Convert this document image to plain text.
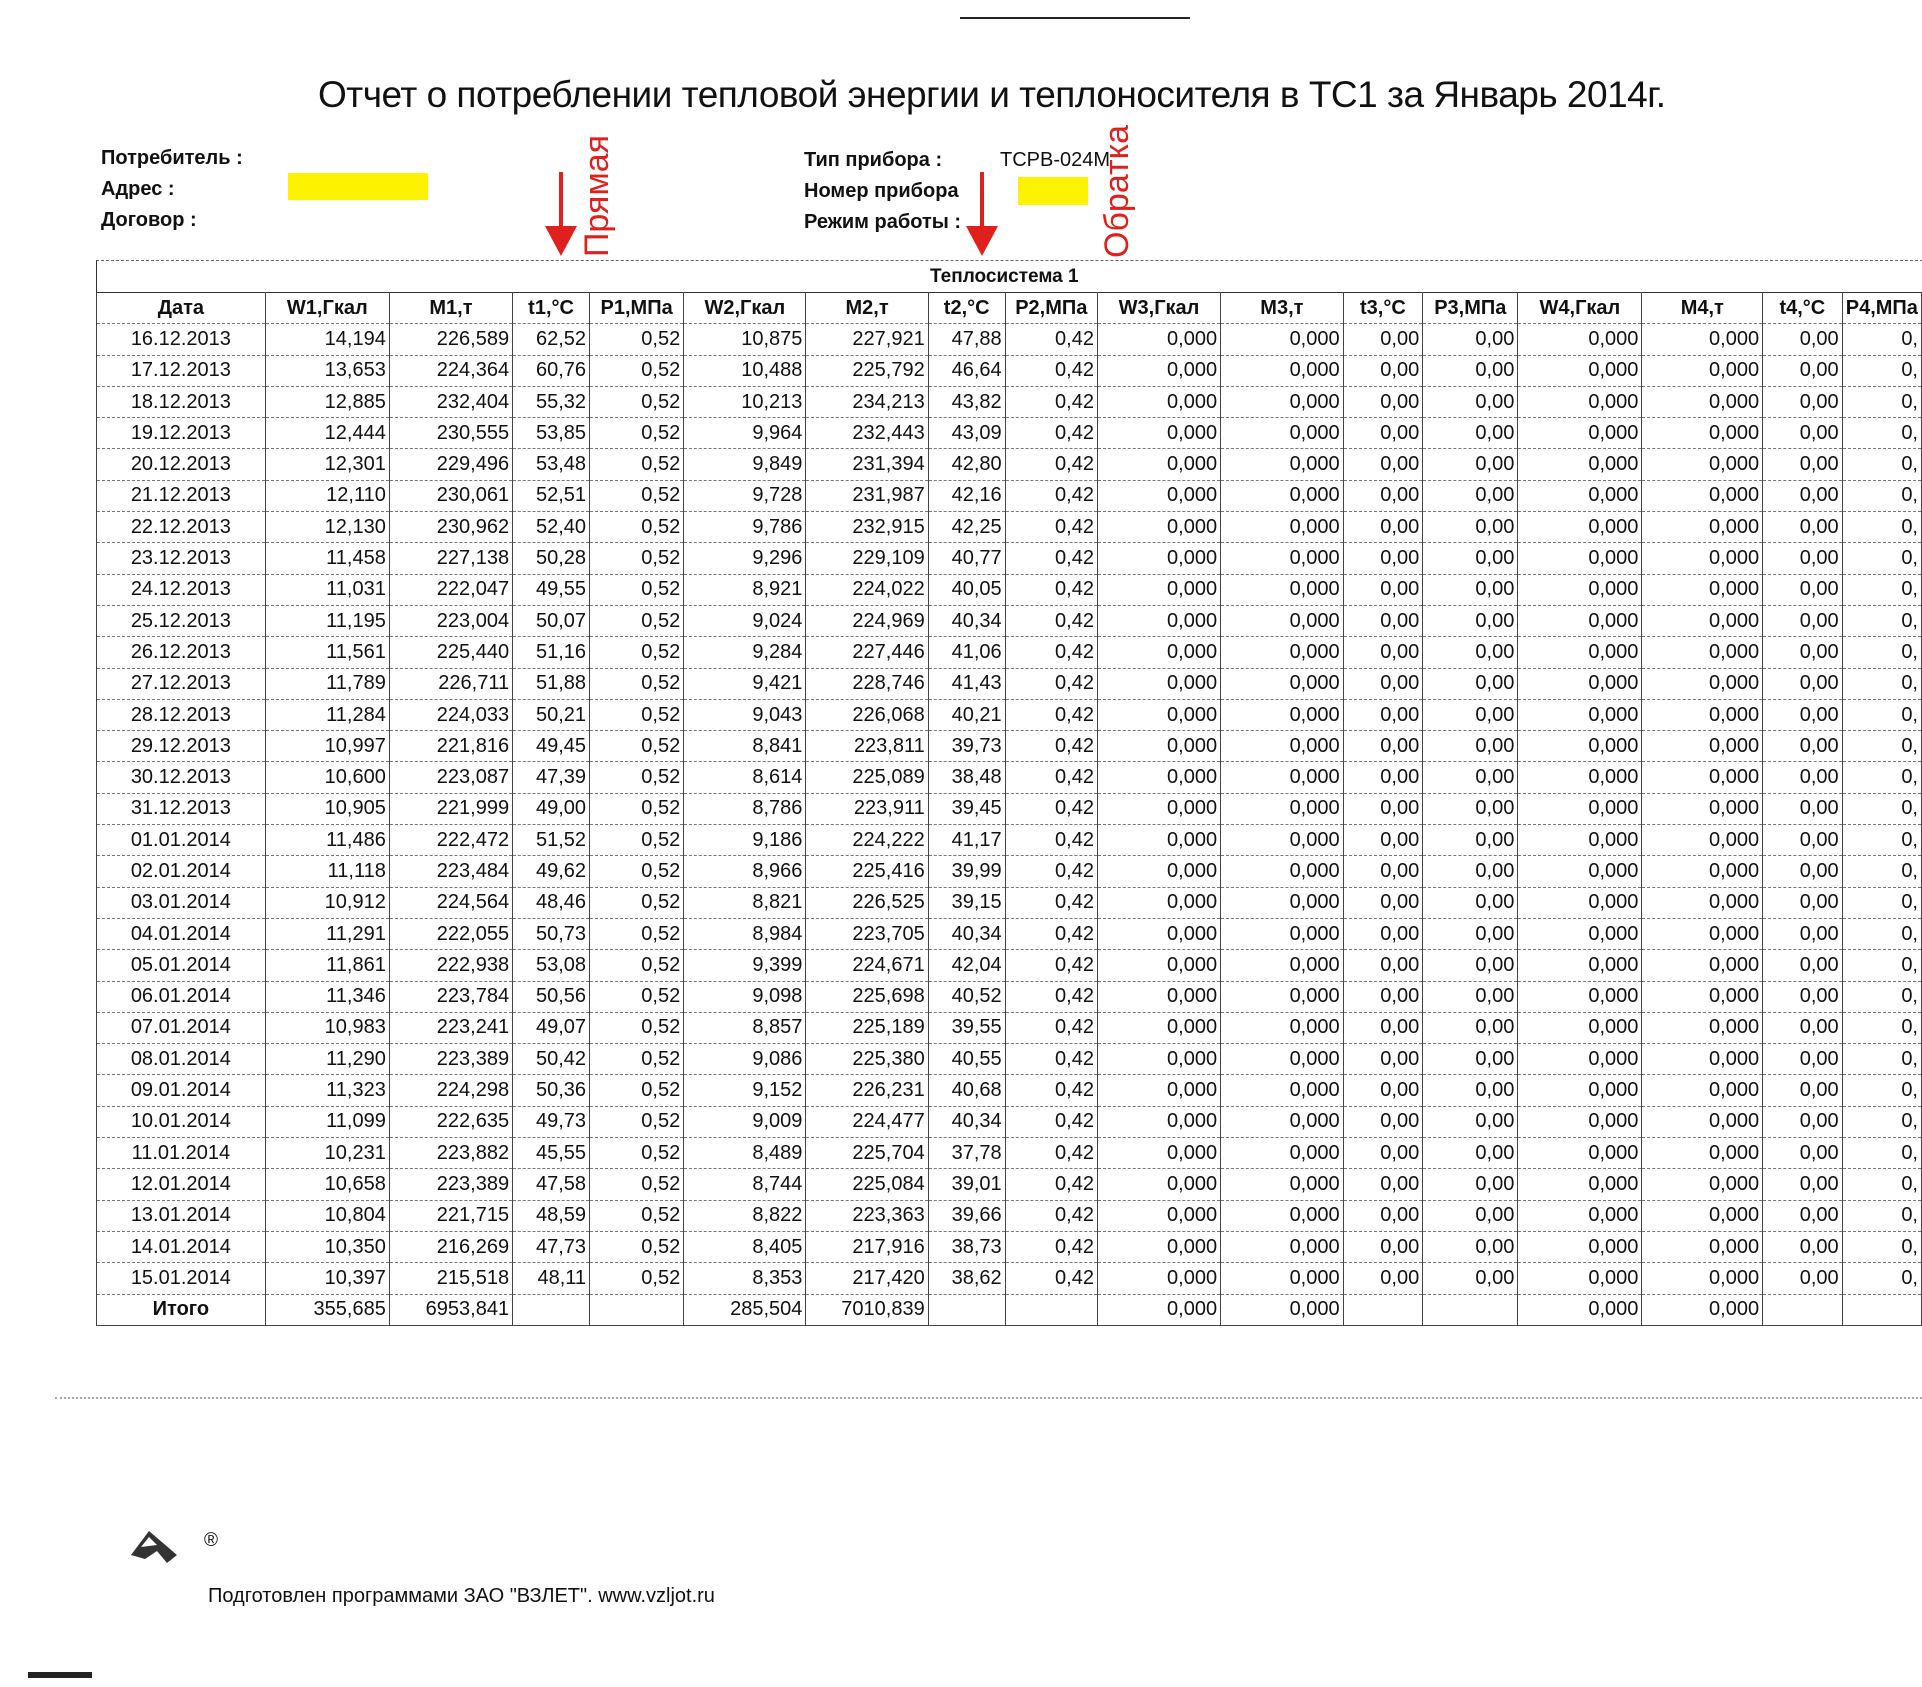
Отчет о потреблении тепловой энергии и теплоносителя в ТС1 за Январь 2014г.
Потребитель :
Адрес :
Договор :
Тип прибора :
Номер прибора
Режим работы :
TCPB-024M
Прямая	Обратка
Теплосистема 1
Дата	W1,Гкал	M1,т	t1,°C	P1,МПа	W2,Гкал	M2,т	t2,°C	P2,МПа	W3,Гкал	M3,т	t3,°C	P3,МПа	W4,Гкал	M4,т	t4,°C	P4,МПа
16.12.2013	14,194	226,589	62,52	0,52	10,875	227,921	47,88	0,42	0,000	0,000	0,00	0,00	0,000	0,000	0,00	0,
17.12.2013	13,653	224,364	60,76	0,52	10,488	225,792	46,64	0,42	0,000	0,000	0,00	0,00	0,000	0,000	0,00	0,
18.12.2013	12,885	232,404	55,32	0,52	10,213	234,213	43,82	0,42	0,000	0,000	0,00	0,00	0,000	0,000	0,00	0,
19.12.2013	12,444	230,555	53,85	0,52	9,964	232,443	43,09	0,42	0,000	0,000	0,00	0,00	0,000	0,000	0,00	0,
20.12.2013	12,301	229,496	53,48	0,52	9,849	231,394	42,80	0,42	0,000	0,000	0,00	0,00	0,000	0,000	0,00	0,
21.12.2013	12,110	230,061	52,51	0,52	9,728	231,987	42,16	0,42	0,000	0,000	0,00	0,00	0,000	0,000	0,00	0,
22.12.2013	12,130	230,962	52,40	0,52	9,786	232,915	42,25	0,42	0,000	0,000	0,00	0,00	0,000	0,000	0,00	0,
23.12.2013	11,458	227,138	50,28	0,52	9,296	229,109	40,77	0,42	0,000	0,000	0,00	0,00	0,000	0,000	0,00	0,
24.12.2013	11,031	222,047	49,55	0,52	8,921	224,022	40,05	0,42	0,000	0,000	0,00	0,00	0,000	0,000	0,00	0,
25.12.2013	11,195	223,004	50,07	0,52	9,024	224,969	40,34	0,42	0,000	0,000	0,00	0,00	0,000	0,000	0,00	0,
26.12.2013	11,561	225,440	51,16	0,52	9,284	227,446	41,06	0,42	0,000	0,000	0,00	0,00	0,000	0,000	0,00	0,
27.12.2013	11,789	226,711	51,88	0,52	9,421	228,746	41,43	0,42	0,000	0,000	0,00	0,00	0,000	0,000	0,00	0,
28.12.2013	11,284	224,033	50,21	0,52	9,043	226,068	40,21	0,42	0,000	0,000	0,00	0,00	0,000	0,000	0,00	0,
29.12.2013	10,997	221,816	49,45	0,52	8,841	223,811	39,73	0,42	0,000	0,000	0,00	0,00	0,000	0,000	0,00	0,
30.12.2013	10,600	223,087	47,39	0,52	8,614	225,089	38,48	0,42	0,000	0,000	0,00	0,00	0,000	0,000	0,00	0,
31.12.2013	10,905	221,999	49,00	0,52	8,786	223,911	39,45	0,42	0,000	0,000	0,00	0,00	0,000	0,000	0,00	0,
01.01.2014	11,486	222,472	51,52	0,52	9,186	224,222	41,17	0,42	0,000	0,000	0,00	0,00	0,000	0,000	0,00	0,
02.01.2014	11,118	223,484	49,62	0,52	8,966	225,416	39,99	0,42	0,000	0,000	0,00	0,00	0,000	0,000	0,00	0,
03.01.2014	10,912	224,564	48,46	0,52	8,821	226,525	39,15	0,42	0,000	0,000	0,00	0,00	0,000	0,000	0,00	0,
04.01.2014	11,291	222,055	50,73	0,52	8,984	223,705	40,34	0,42	0,000	0,000	0,00	0,00	0,000	0,000	0,00	0,
05.01.2014	11,861	222,938	53,08	0,52	9,399	224,671	42,04	0,42	0,000	0,000	0,00	0,00	0,000	0,000	0,00	0,
06.01.2014	11,346	223,784	50,56	0,52	9,098	225,698	40,52	0,42	0,000	0,000	0,00	0,00	0,000	0,000	0,00	0,
07.01.2014	10,983	223,241	49,07	0,52	8,857	225,189	39,55	0,42	0,000	0,000	0,00	0,00	0,000	0,000	0,00	0,
08.01.2014	11,290	223,389	50,42	0,52	9,086	225,380	40,55	0,42	0,000	0,000	0,00	0,00	0,000	0,000	0,00	0,
09.01.2014	11,323	224,298	50,36	0,52	9,152	226,231	40,68	0,42	0,000	0,000	0,00	0,00	0,000	0,000	0,00	0,
10.01.2014	11,099	222,635	49,73	0,52	9,009	224,477	40,34	0,42	0,000	0,000	0,00	0,00	0,000	0,000	0,00	0,
11.01.2014	10,231	223,882	45,55	0,52	8,489	225,704	37,78	0,42	0,000	0,000	0,00	0,00	0,000	0,000	0,00	0,
12.01.2014	10,658	223,389	47,58	0,52	8,744	225,084	39,01	0,42	0,000	0,000	0,00	0,00	0,000	0,000	0,00	0,
13.01.2014	10,804	221,715	48,59	0,52	8,822	223,363	39,66	0,42	0,000	0,000	0,00	0,00	0,000	0,000	0,00	0,
14.01.2014	10,350	216,269	47,73	0,52	8,405	217,916	38,73	0,42	0,000	0,000	0,00	0,00	0,000	0,000	0,00	0,
15.01.2014	10,397	215,518	48,11	0,52	8,353	217,420	38,62	0,42	0,000	0,000	0,00	0,00	0,000	0,000	0,00	0,
Итого	355,685	6953,841			285,504	7010,839			0,000	0,000			0,000	0,000		
®
Подготовлен программами ЗАО "ВЗЛЕТ". www.vzljot.ru
